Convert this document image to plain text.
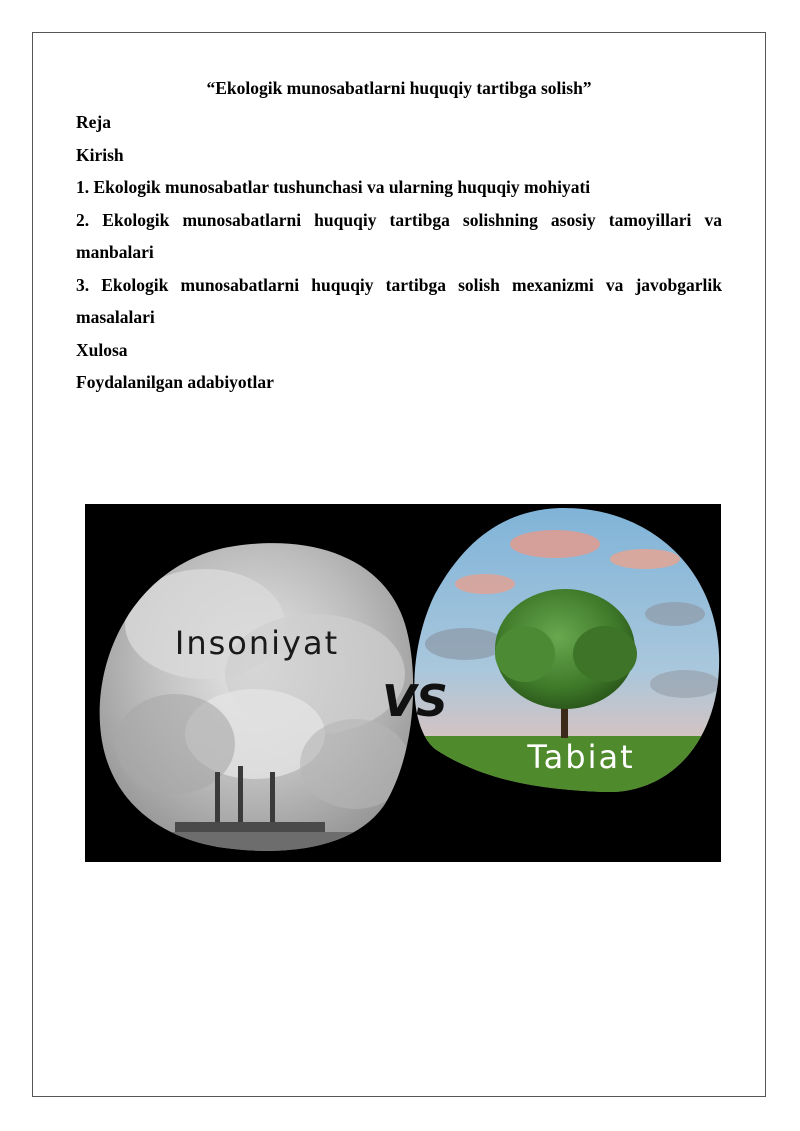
“Ekologik munosabatlarni huquqiy tartibga solish”

Reja

Kirish

1. Ekologik munosabatlar tushunchasi va ularning huquqiy mohiyati

2. Ekologik munosabatlarni huquqiy tartibga solishning asosiy tamoyillari va manbalari

3. Ekologik munosabatlarni huquqiy tartibga solish mexanizmi va javobgarlik masalalari

Xulosa

Foydalanilgan adabiyotlar

Insoniyat
VS
Tabiat
